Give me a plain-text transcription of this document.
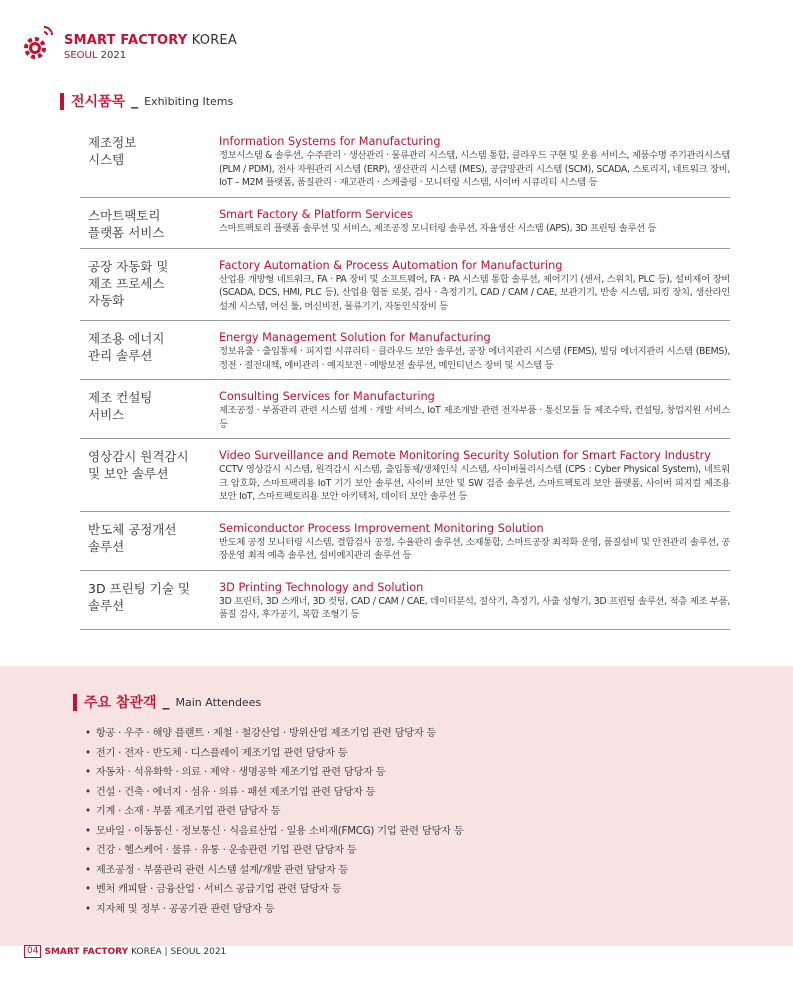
SMART FACTORY KOREA
SEOUL 2021
전시품목 _ Exhibiting Items
제조정보
시스템
Information Systems for Manufacturing
정보시스템 & 솔루션, 수주관리 · 생산관리 · 물류관리 시스템, 시스템 통합, 클라우드 구현 및 운용 서비스, 제품수명 주기관리시스템 (PLM / PDM), 전사 자원관리 시스템 (ERP), 생산관리 시스템 (MES), 공급망관리 시스템 (SCM), SCADA, 스토리지, 네트워크 장비, IoT – M2M 플랫폼, 품질관리 · 재고관리 · 스케줄링 · 모니터링 시스템, 사이버 시큐리티 시스템 등
스마트팩토리
플랫폼 서비스
Smart Factory & Platform Services
스마트팩토리 플랫폼 솔루션 및 서비스, 제조공정 모니터링 솔루션, 자율생산 시스템 (APS), 3D 프린팅 솔루션 등
공장 자동화 및
제조 프로세스
자동화
Factory Automation & Process Automation for Manufacturing
산업용 개방형 네트워크, FA · PA 장비 및 소프트웨어, FA · PA 시스템 통합 솔루션, 제어기기 (센서, 스위치, PLC 등), 설비제어 장비 (SCADA, DCS, HMI, PLC 등), 산업용 협동 로봇, 검사 · 측정기기, CAD / CAM / CAE, 보관기기, 반송 시스템, 피킹 장치, 생산라인 설계 시스템, 머신 툴, 머신비전, 물류기기, 자동인식장비 등
제조용 에너지
관리 솔루션
Energy Management Solution for Manufacturing
정보유출 · 출입통제 · 피지컬 시큐리티 · 클라우드 보안 솔루션, 공장 에너지관리 시스템 (FEMS), 빌딩 에너지관리 시스템 (BEMS), 정전 · 절전대책, 예비관리 · 예지보전 · 예방보전 솔루션, 메인티넌스 장비 및 시스템 등
제조 컨설팅
서비스
Consulting Services for Manufacturing
제조공정 · 부품관리 관련 시스템 설계 · 개발 서비스, IoT 제조개발 관련 전자부품 · 통신모듈 등 제조수탁, 컨설팅, 창업지원 서비스 등
영상감시 원격감시
및 보안 솔루션
Video Surveillance and Remote Monitoring Security Solution for Smart Factory Industry
CCTV 영상감시 시스템, 원격감시 시스템, 출입통제/생체인식 시스템, 사이버물리시스템 (CPS : Cyber Physical System), 네트워크 암호화, 스마트팩리용 IoT 기기 보안 솔루션, 사이버 보안 및 SW 검증 솔루션, 스마트팩토리 보안 플랫폼, 사이버 피지컬 제조용 보안 IoT, 스마트팩토리용 보안 아키텍처, 데이터 보안 솔루션 등
반도체 공정개선
솔루션
Semiconductor Process Improvement Monitoring Solution
반도체 공정 모니터링 시스템, 결함검사 공정, 수율관리 솔루션, 소재통합, 스마트공장 최적화 운영, 품질설비 및 안전관리 솔루션, 공장운영 최적 예측 솔루션, 설비예지관리 솔루션 등
3D 프린팅 기술 및
솔루션
3D Printing Technology and Solution
3D 프린터, 3D 스캐너, 3D 컷팅, CAD / CAM / CAE, 데이터분석, 절삭기, 측정기, 사출 성형기, 3D 프린팅 솔루션, 적층 제조 부품, 품질 검사, 후가공기, 복합 조형기 등
주요 참관객 _ Main Attendees
• 항공 · 우주 · 해양 플랜트 · 제철 · 철강산업 · 방위산업 제조기업 관련 담당자 등
• 전기 · 전자 · 반도체 · 디스플레이 제조기업 관련 담당자 등
• 자동차 · 석유화학 · 의료 · 제약 · 생명공학 제조기업 관련 담당자 등
• 건설 · 건축 · 에너지 · 섬유 · 의류 · 패션 제조기업 관련 담당자 등
• 기계 · 소재 · 부품 제조기업 관련 담당자 등
• 모바일 · 이동통신 · 정보통신 · 식음료산업 · 일용 소비재(FMCG) 기업 관련 담당자 등
• 건강 · 헬스케어 · 물류 · 유통 · 운송관련 기업 관련 담당자 등
• 제조공정 · 부품관리 관련 시스템 설계/개발 관련 담당자 등
• 벤처 캐피탈 · 금융산업 · 서비스 공급기업 관련 담당자 등
• 지자체 및 정부 · 공공기관 관련 담당자 등
04 SMART FACTORY KOREA | SEOUL 2021
